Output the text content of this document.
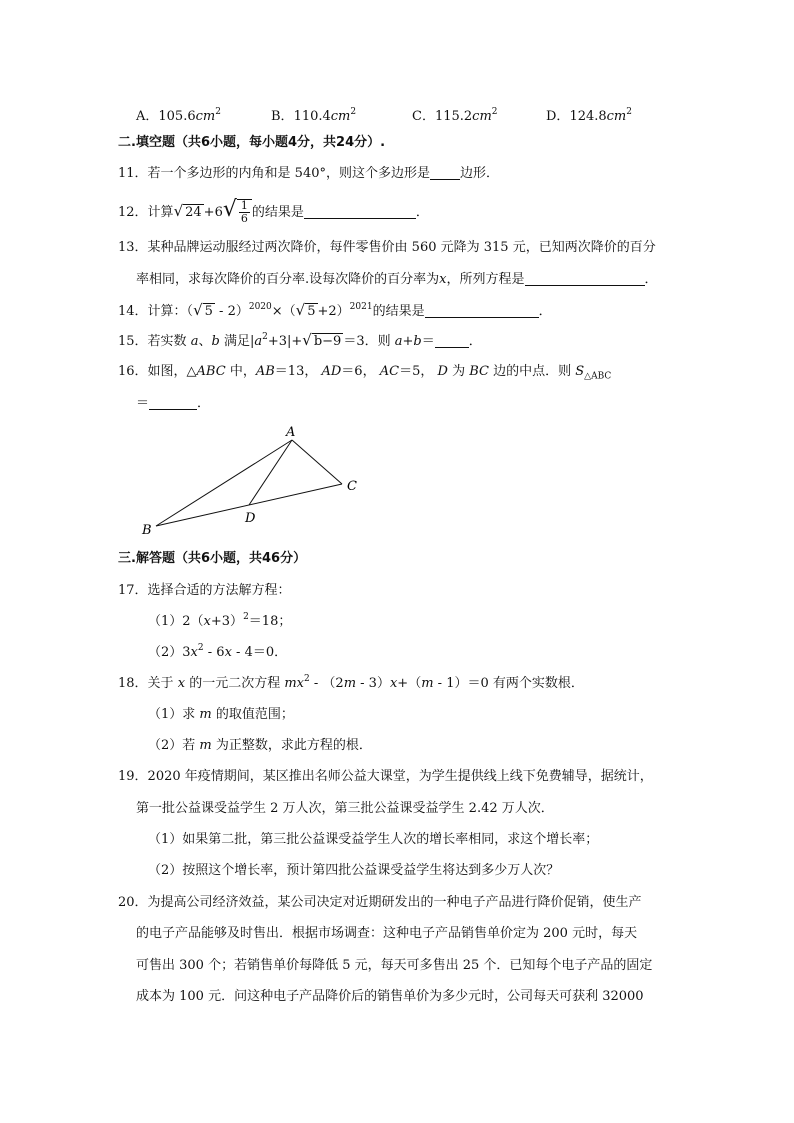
A．$105.6cm^2$	B．$110.4cm^2$	C．$115.2cm^2$	D．$124.8cm^2$
二.填空题（共6小题，每小题4分，共24分）.
11．若一个多边形的内角和是 540°，则这个多边形是 边形．
12．计算√ $24 +6√ \frac{1}{6}$ 的结果是	．
13．某种品牌运动服经过两次降价，每件零售价由 560 元降为 315 元，已知两次降价的百分
率相同，求每次降价的百分率.设每次降价的百分率为x，所列方程是	．
14．计算：（√ 5 - 2）$^{2020}$×（√ 5 +2）$^{2021}$的结果是	．
15．若实数 a、b 满足$|a^2+3|+√$ b−9 ＝3．则 a+b＝	．
16．如图，△ABC 中，AB＝13， AD＝6， AC＝5， D 为 BC 边的中点．则 $S_{\triangle ABC}$
＝	．
A
B
C
D
三.解答题（共6小题，共46分）
17．选择合适的方法解方程：
$(1)2(x+3)^2=18$；
$(2)3x^2 - 6x - 4=0$．
18．关于 x 的一元二次方程 $mx^2 - (2m - 3)x+(m - 1)=0$ 有两个实数根．
（1）求 m 的取值范围；
（2）若 m 为正整数，求此方程的根．
19．2020 年疫情期间，某区推出名师公益大课堂，为学生提供线上线下免费辅导，据统计，
第一批公益课受益学生 2 万人次，第三批公益课受益学生 2.42 万人次．
（1）如果第二批，第三批公益课受益学生人次的增长率相同，求这个增长率；
（2）按照这个增长率，预计第四批公益课受益学生将达到多少万人次？
20．为提高公司经济效益，某公司决定对近期研发出的一种电子产品进行降价促销，使生产
的电子产品能够及时售出．根据市场调查：这种电子产品销售单价定为 200 元时，每天
可售出 300 个；若销售单价每降低 5 元，每天可多售出 25 个．已知每个电子产品的固定
成本为 100 元．问这种电子产品降价后的销售单价为多少元时，公司每天可获利 32000
